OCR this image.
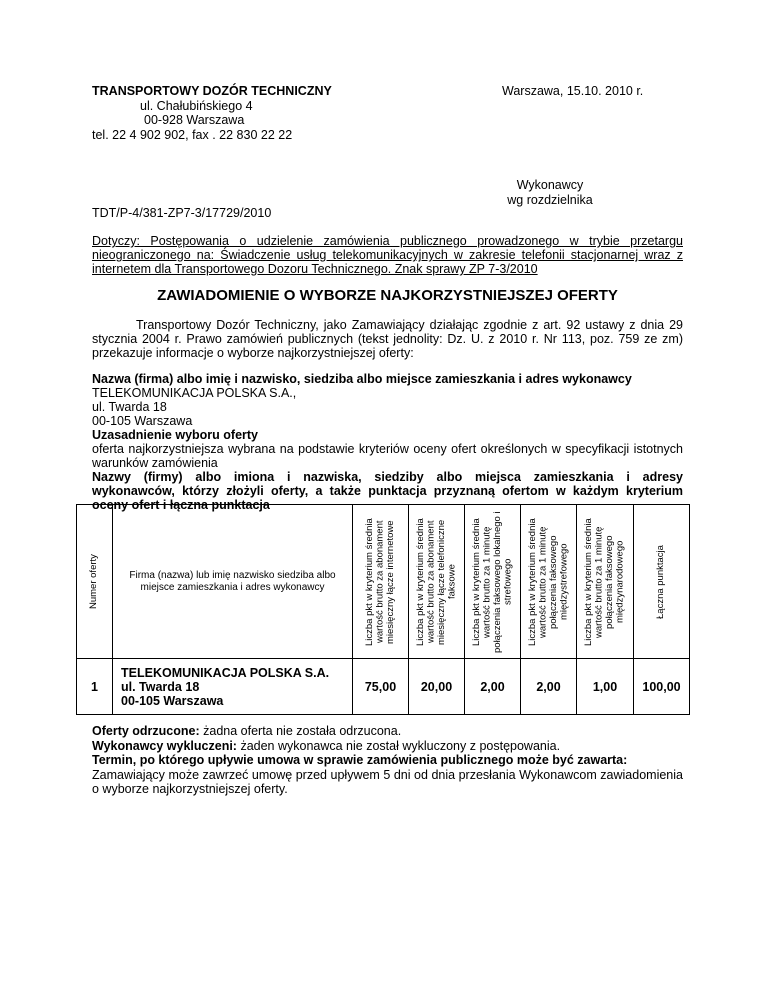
TRANSPORTOWY DOZÓR TECHNICZNY
ul. Chałubińskiego 4
00-928 Warszawa
tel. 22 4 902 902, fax . 22 830 22 22
Warszawa, 15.10. 2010 r.
Wykonawcy
wg rozdzielnika
TDT/P-4/381-ZP7-3/17729/2010
Dotyczy: Postępowania o udzielenie zamówienia publicznego prowadzonego w trybie przetargu nieograniczonego na: Świadczenie usług telekomunikacyjnych w zakresie telefonii stacjonarnej wraz z internetem dla Transportowego Dozoru Technicznego. Znak sprawy ZP 7-3/2010
ZAWIADOMIENIE O WYBORZE NAJKORZYSTNIEJSZEJ OFERTY
Transportowy Dozór Techniczny, jako Zamawiający działając zgodnie z art. 92 ustawy z dnia 29 stycznia 2004 r. Prawo zamówień publicznych (tekst jednolity: Dz. U. z 2010 r. Nr 113, poz. 759 ze zm) przekazuje informacje o wyborze najkorzystniejszej oferty:
Nazwa (firma) albo imię i nazwisko, siedziba albo miejsce zamieszkania i adres wykonawcy
TELEKOMUNIKACJA POLSKA S.A.,
ul. Twarda 18
00-105 Warszawa
Uzasadnienie wyboru oferty
oferta najkorzystniejsza wybrana na podstawie kryteriów oceny ofert określonych w specyfikacji istotnych warunków zamówienia
Nazwy (firmy) albo imiona i nazwiska, siedziby albo miejsca zamieszkania i adresy
wykonawców, którzy złożyli oferty, a także punktacja przyznaną ofertom w każdym kryterium
oceny ofert i łączna punktacja
Numer oferty	Firma (nazwa) lub imię nazwisko siedziba albo miejsce zamieszkania i adres wykonawcy	Liczba pkt w kryterium średnia wartość brutto za abonament miesięczny łącze internetowe	Liczba pkt w kryterium średnia wartość brutto za abonament miesięczny łącze telefoniczne faksowe	Liczba pkt w kryterium średnia wartość brutto za 1 minutę połączenia faksowego lokalnego i strefowego	Liczba pkt w kryterium średnia wartość brutto za 1 minutę połączenia faksowego międzystrefowego	Liczba pkt w kryterium średnia wartość brutto za 1 minutę połączenia faksowego międzynarodowego	Łączna punktacja

1	TELEKOMUNIKACJA POLSKA S.A.
ul. Twarda 18
00-105 Warszawa	75,00	20,00	2,00	2,00	1,00	100,00
Oferty odrzucone: żadna oferta nie została odrzucona.
Wykonawcy wykluczeni: żaden wykonawca nie został wykluczony z postępowania.
Termin, po którego upływie umowa w sprawie zamówienia publicznego może być zawarta:
Zamawiający może zawrzeć umowę przed upływem 5 dni od dnia przesłania Wykonawcom zawiadomienia o wyborze najkorzystniejszej oferty.
